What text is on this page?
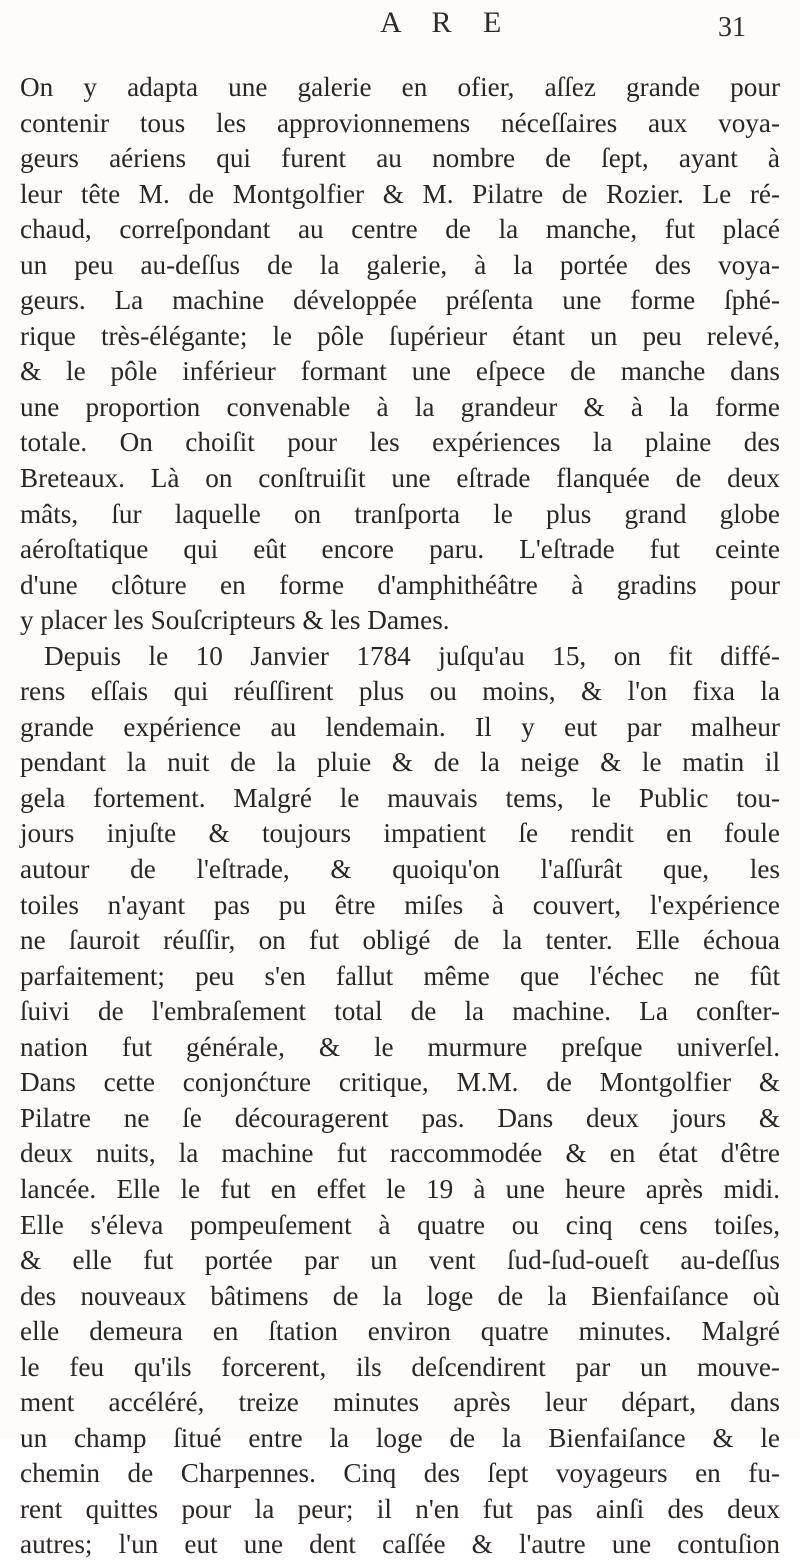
A R E	31
On y adapta une galerie en ofier, aſſez grande pour
contenir tous les approvionnemens néceſſaires aux voya-
geurs aériens qui furent au nombre de ſept, ayant à
leur tête M. de Montgolfier & M. Pilatre de Rozier. Le ré-
chaud, correſpondant au centre de la manche, fut placé
un peu au-deſſus de la galerie, à la portée des voya-
geurs. La machine développée préſenta une forme ſphé-
rique très-élégante; le pôle ſupérieur étant un peu relevé,
& le pôle inférieur formant une eſpece de manche dans
une proportion convenable à la grandeur & à la forme
totale. On choiſit pour les expériences la plaine des
Breteaux. Là on conſtruiſit une eſtrade flanquée de deux
mâts, ſur laquelle on tranſporta le plus grand globe
aéroſtatique qui eût encore paru. L'eſtrade fut ceinte
d'une clôture en forme d'amphithéâtre à gradins pour
y placer les Souſcripteurs & les Dames.
Depuis le 10 Janvier 1784 juſqu'au 15, on fit diffé-
rens eſſais qui réuſſirent plus ou moins, & l'on fixa la
grande expérience au lendemain. Il y eut par malheur
pendant la nuit de la pluie & de la neige & le matin il
gela fortement. Malgré le mauvais tems, le Public tou-
jours injuſte & toujours impatient ſe rendit en foule
autour de l'eſtrade, & quoiqu'on l'aſſurât que, les
toiles n'ayant pas pu être miſes à couvert, l'expérience
ne ſauroit réuſſir, on fut obligé de la tenter. Elle échoua
parfaitement; peu s'en fallut même que l'échec ne fût
ſuivi de l'embraſement total de la machine. La conſter-
nation fut générale, & le murmure preſque univerſel.
Dans cette conjonćture critique, M.M. de Montgolfier &
Pilatre ne ſe découragerent pas. Dans deux jours &
deux nuits, la machine fut raccommodée & en état d'être
lancée. Elle le fut en effet le 19 à une heure après midi.
Elle s'éleva pompeuſement à quatre ou cinq cens toiſes,
& elle fut portée par un vent ſud-ſud-oueſt au-deſſus
des nouveaux bâtimens de la loge de la Bienfaiſance où
elle demeura en ſtation environ quatre minutes. Malgré
le feu qu'ils forcerent, ils deſcendirent par un mouve-
ment accéléré, treize minutes après leur départ, dans
un champ ſitué entre la loge de la Bienfaiſance & le
chemin de Charpennes. Cinq des ſept voyageurs en fu-
rent quittes pour la peur; il n'en fut pas ainſi des deux
autres; l'un eut une dent caſſée & l'autre une contuſion
